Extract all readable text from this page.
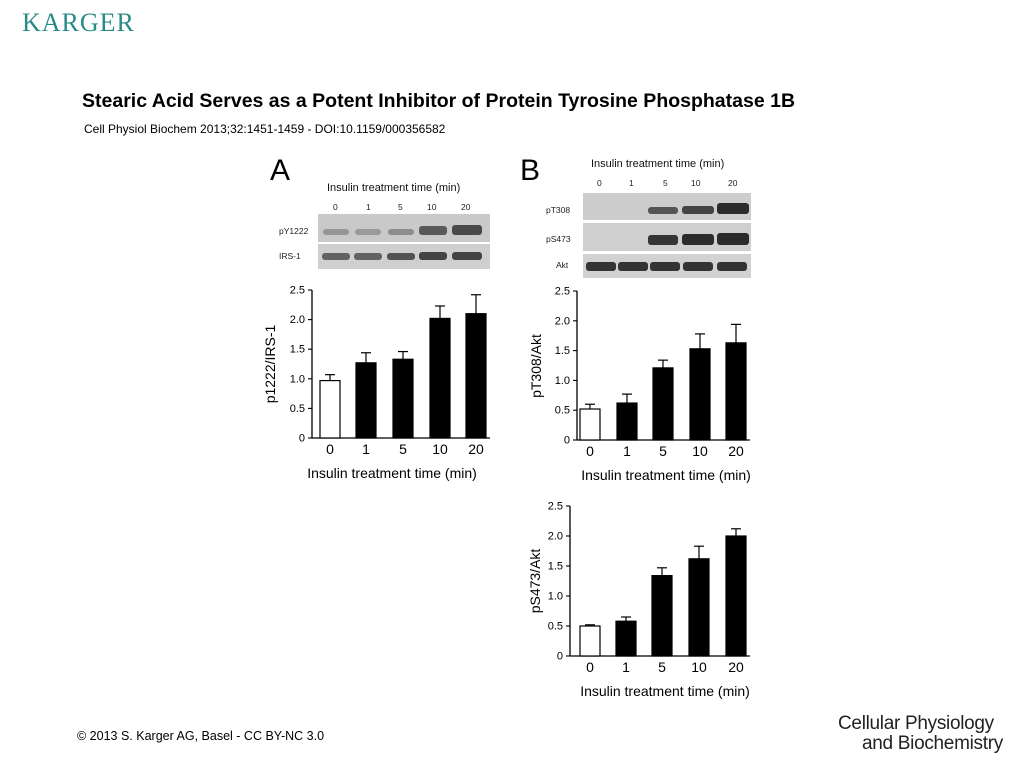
KARGER
Stearic Acid Serves as a Potent Inhibitor of Protein Tyrosine Phosphatase 1B
Cell Physiol Biochem 2013;32:1451-1459 - DOI:10.1159/000356582
A	B
Insulin treatment time (min)
0	1	5	10	20
pY1222
IRS-1
Insulin treatment time (min)
0	1	5	10	20
pT308
pS473
Akt
0
0.5
1.0
1.5
2.0
2.5
0 1 5 10 20
p1222/IRS-1
Insulin treatment time (min)
0
0.5
1.0
1.5
2.0
2.5
0 1 5 10 20
pT308/Akt
Insulin treatment time (min)
0
0.5
1.0
1.5
2.0
2.5
0 1 5 10 20
pS473/Akt
Insulin treatment time (min)
© 2013 S. Karger AG, Basel - CC BY-NC 3.0
Cellular Physiology
and Biochemistry
